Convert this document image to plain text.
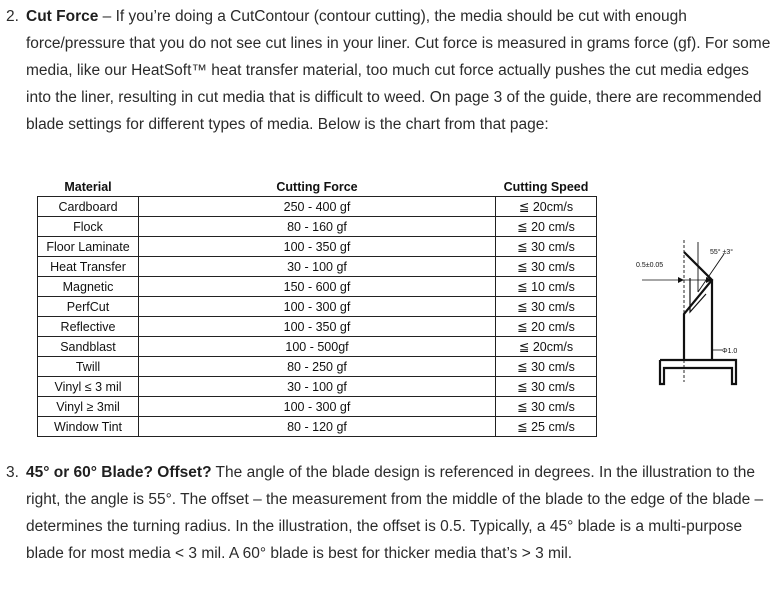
2. Cut Force – If you’re doing a CutContour (contour cutting), the media should be cut with enough force/pressure that you do not see cut lines in your liner. Cut force is measured in grams force (gf). For some media, like our HeatSoft™ heat transfer material, too much cut force actually pushes the cut media edges into the liner, resulting in cut media that is difficult to weed. On page 3 of the guide, there are recommended blade settings for different types of media. Below is the chart from that page:
Material	Cutting Force	Cutting Speed
Cardboard	250 - 400 gf	≦ 20cm/s
Flock	80 - 160 gf	≦ 20 cm/s
Floor Laminate	100 - 350 gf	≦ 30 cm/s
Heat Transfer	30 - 100 gf	≦ 30 cm/s
Magnetic	150 - 600 gf	≦ 10 cm/s
PerfCut	100 - 300 gf	≦ 30 cm/s
Reflective	100 - 350 gf	≦ 20 cm/s
Sandblast	100 - 500gf	≦ 20cm/s
Twill	80 - 250 gf	≦ 30 cm/s
Vinyl ≤ 3 mil	30 - 100 gf	≦ 30 cm/s
Vinyl ≥ 3mil	100 - 300 gf	≦ 30 cm/s
Window Tint	80 - 120 gf	≦ 25 cm/s
0.5±0.05
55° ±3°
Φ1.0
3. 45° or 60° Blade? Offset? The angle of the blade design is referenced in degrees. In the illustration to the right, the angle is 55°. The offset – the measurement from the middle of the blade to the edge of the blade – determines the turning radius. In the illustration, the offset is 0.5. Typically, a 45° blade is a multi-purpose blade for most media < 3 mil. A 60° blade is best for thicker media that’s > 3 mil.
